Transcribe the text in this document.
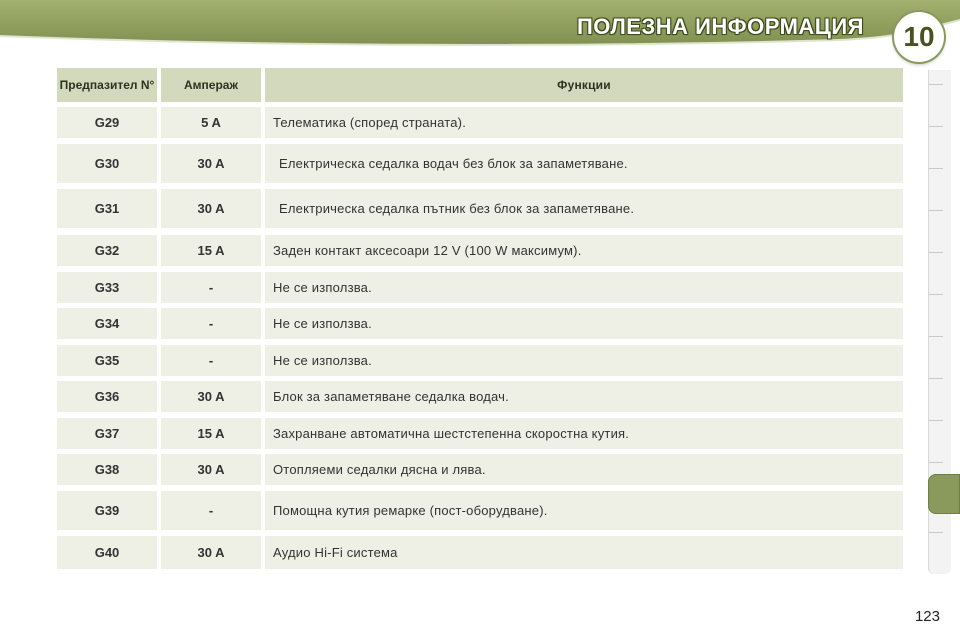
ПОЛЕЗНА ИНФОРМАЦИЯ	10
Предпазител N°	Ампераж	Функции
G29	5 A	Телематика (според страната).
G30	30 A	Електрическа седалка водач без блок за запаметяване.
G31	30 A	Електрическа седалка пътник без блок за запаметяване.
G32	15 A	Заден контакт аксесоари 12 V (100 W максимум).
G33	-	Не се използва.
G34	-	Не се използва.
G35	-	Не се използва.
G36	30 A	Блок за запаметяване седалка водач.
G37	15 A	Захранване автоматична шестстепенна скоростна кутия.
G38	30 A	Отопляеми седалки дясна и лява.
G39	-	Помощна кутия ремарке (пост-оборудване).
G40	30 A	Аудио Hi-Fi система
123
